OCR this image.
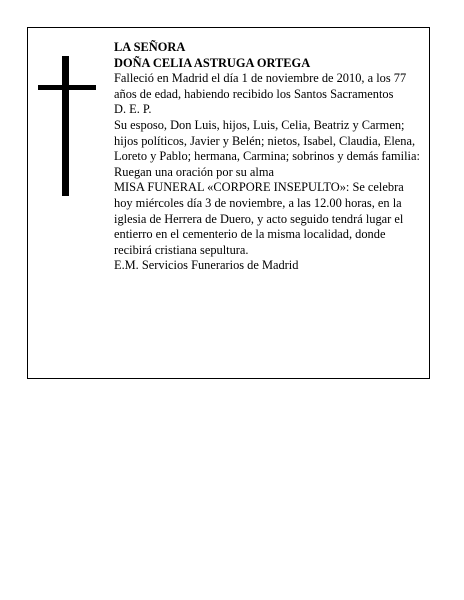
LA SEÑORA

DOÑA CELIA ASTRUGA ORTEGA

Falleció en Madrid el día 1 de noviembre de 2010, a los 77 años de edad, habiendo recibido los Santos Sacramentos

D. E. P.

Su esposo, Don Luis, hijos, Luis, Celia, Beatriz y Carmen; hijos políticos, Javier y Belén; nietos, Isabel, Claudia, Elena, Loreto y Pablo; hermana, Carmina; sobrinos y demás familia:

Ruegan una oración por su alma

MISA FUNERAL «CORPORE INSEPULTO»: Se celebra hoy miércoles día 3 de noviembre, a las 12.00 horas, en la iglesia de Herrera de Duero, y acto seguido tendrá lugar el entierro en el cementerio de la misma localidad, donde recibirá cristiana sepultura.

E.M. Servicios Funerarios de Madrid
